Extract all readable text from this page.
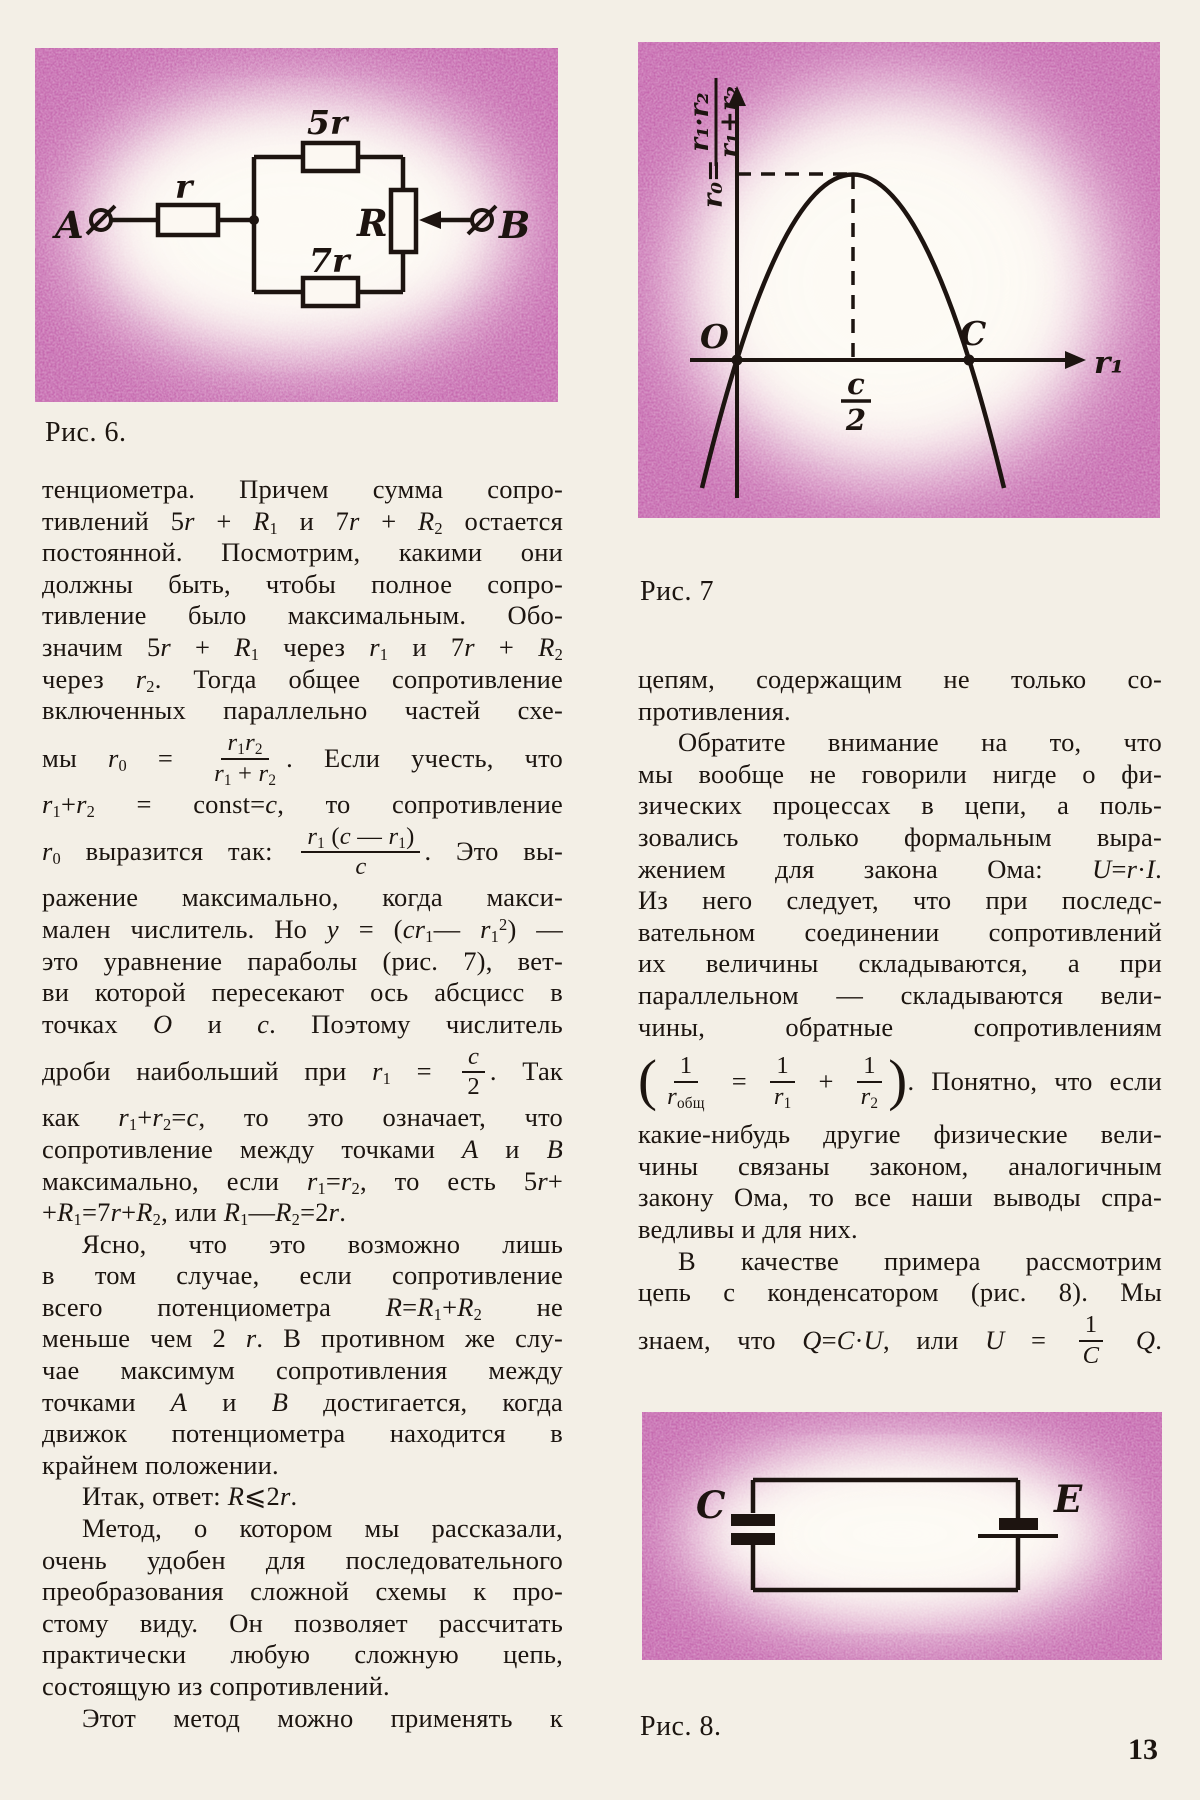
A
r
5r
7r
R	B
Рис. 6.
r₁
r₀=
r₁·r₂ r₁+r₂
O	C
c
2
Рис. 7
C	E
Рис. 8.
тенциометра. Причем сумма сопро-
тивлений $5r + R_1$ и $7r + R_2$ остается
постоянной. Посмотрим, какими они
должны быть, чтобы полное сопро-
тивление было максимальным. Обо-
значим $5r + R_1$ через $r_1$ и $7r + R_2$
через $r_2$. Тогда общее сопротивление
включенных параллельно частей схе-
мы $r_0 = \frac{r_1r_2}{r_1 + r_2}$ . Если учесть, что
$r_1+r_2$ = const=c, то сопротивление
$r_0$ выразится так: $\frac{r_1 (c — r_1)}{c}$ . Это вы-
ражение максимально, когда макси-
мален числитель. Но $y = (cr_1—$ $r_1^2$) —
это уравнение параболы (рис. 7), вет-
ви которой пересекают ось абсцисс в
точках O и c. Поэтому числитель
дроби наибольший при $r_1 = \frac{c}{2}$ . Так
как $r_1+r_2=c$, то это означает, что
сопротивление между точками A и B
максимально, если $r_1=r_2$, то есть 5r+
$+R_1=7r+R_2$, или $R_1—R_2=2r$.
Ясно, что это возможно лишь
в том случае, если сопротивление
всего потенциометра $R=R_1+R_2$ не
меньше чем 2 r. В противном же слу-
чае максимум сопротивления между
точками A и B достигается, когда
движок потенциометра находится в
крайнем положении.
Итак, ответ: R⩽2r.
Метод, о котором мы рассказали,
очень удобен для последовательного
преобразования сложной схемы к про-
стому виду. Он позволяет рассчитать
практически любую сложную цепь,
состоящую из сопротивлений.
Этот метод можно применять к
цепям, содержащим не только со-
противления.
Обратите внимание на то, что
мы вообще не говорили нигде о фи-
зических процессах в цепи, а поль-
зовались только формальным выра-
жением для закона Ома: U=r·I.
Из него следует, что при последс-
вательном соединении сопротивлений
их величины складываются, а при
параллельном — складываются вели-
чины, обратные сопротивлениям
( 1
$r_{общ}$
= $\frac{1}{r_1} + \frac{1}{r_2}$ ). Понятно, что если
какие-нибудь другие физические вели-
чины связаны законом, аналогичным
закону Ома, то все наши выводы спра-
ведливы и для них.
В качестве примера рассмотрим
цепь с конденсатором (рис. 8). Мы
знаем, что Q=C·U, или $U = \frac{1}{C} Q$.
13
